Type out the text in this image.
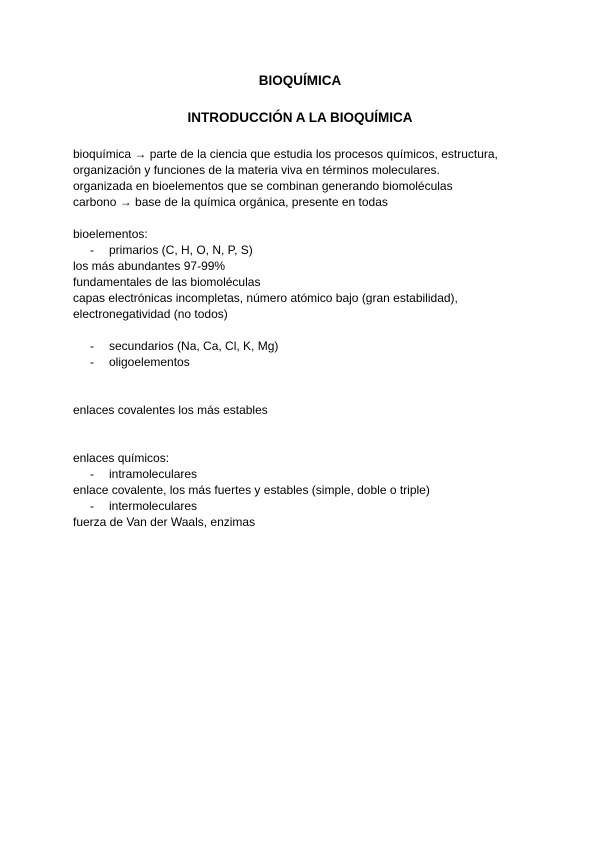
BIOQUÍMICA
INTRODUCCIÓN A LA BIOQUÍMICA
bioquímica → parte de la ciencia que estudia los procesos químicos, estructura,
organización y funciones de la materia viva en términos moleculares.
organizada en bioelementos que se combinan generando biomoléculas
carbono → base de la química orgánica, presente en todas
bioelementos:
- primarios (C, H, O, N, P, S)
los más abundantes 97-99%
fundamentales de las biomoléculas
capas electrónicas incompletas, número atómico bajo (gran estabilidad),
electronegatividad (no todos)
- secundarios (Na, Ca, Cl, K, Mg)
- oligoelementos
enlaces covalentes los más estables
enlaces químicos:
- intramoleculares
enlace covalente, los más fuertes y estables (simple, doble o triple)
- intermoleculares
fuerza de Van der Waals, enzimas
